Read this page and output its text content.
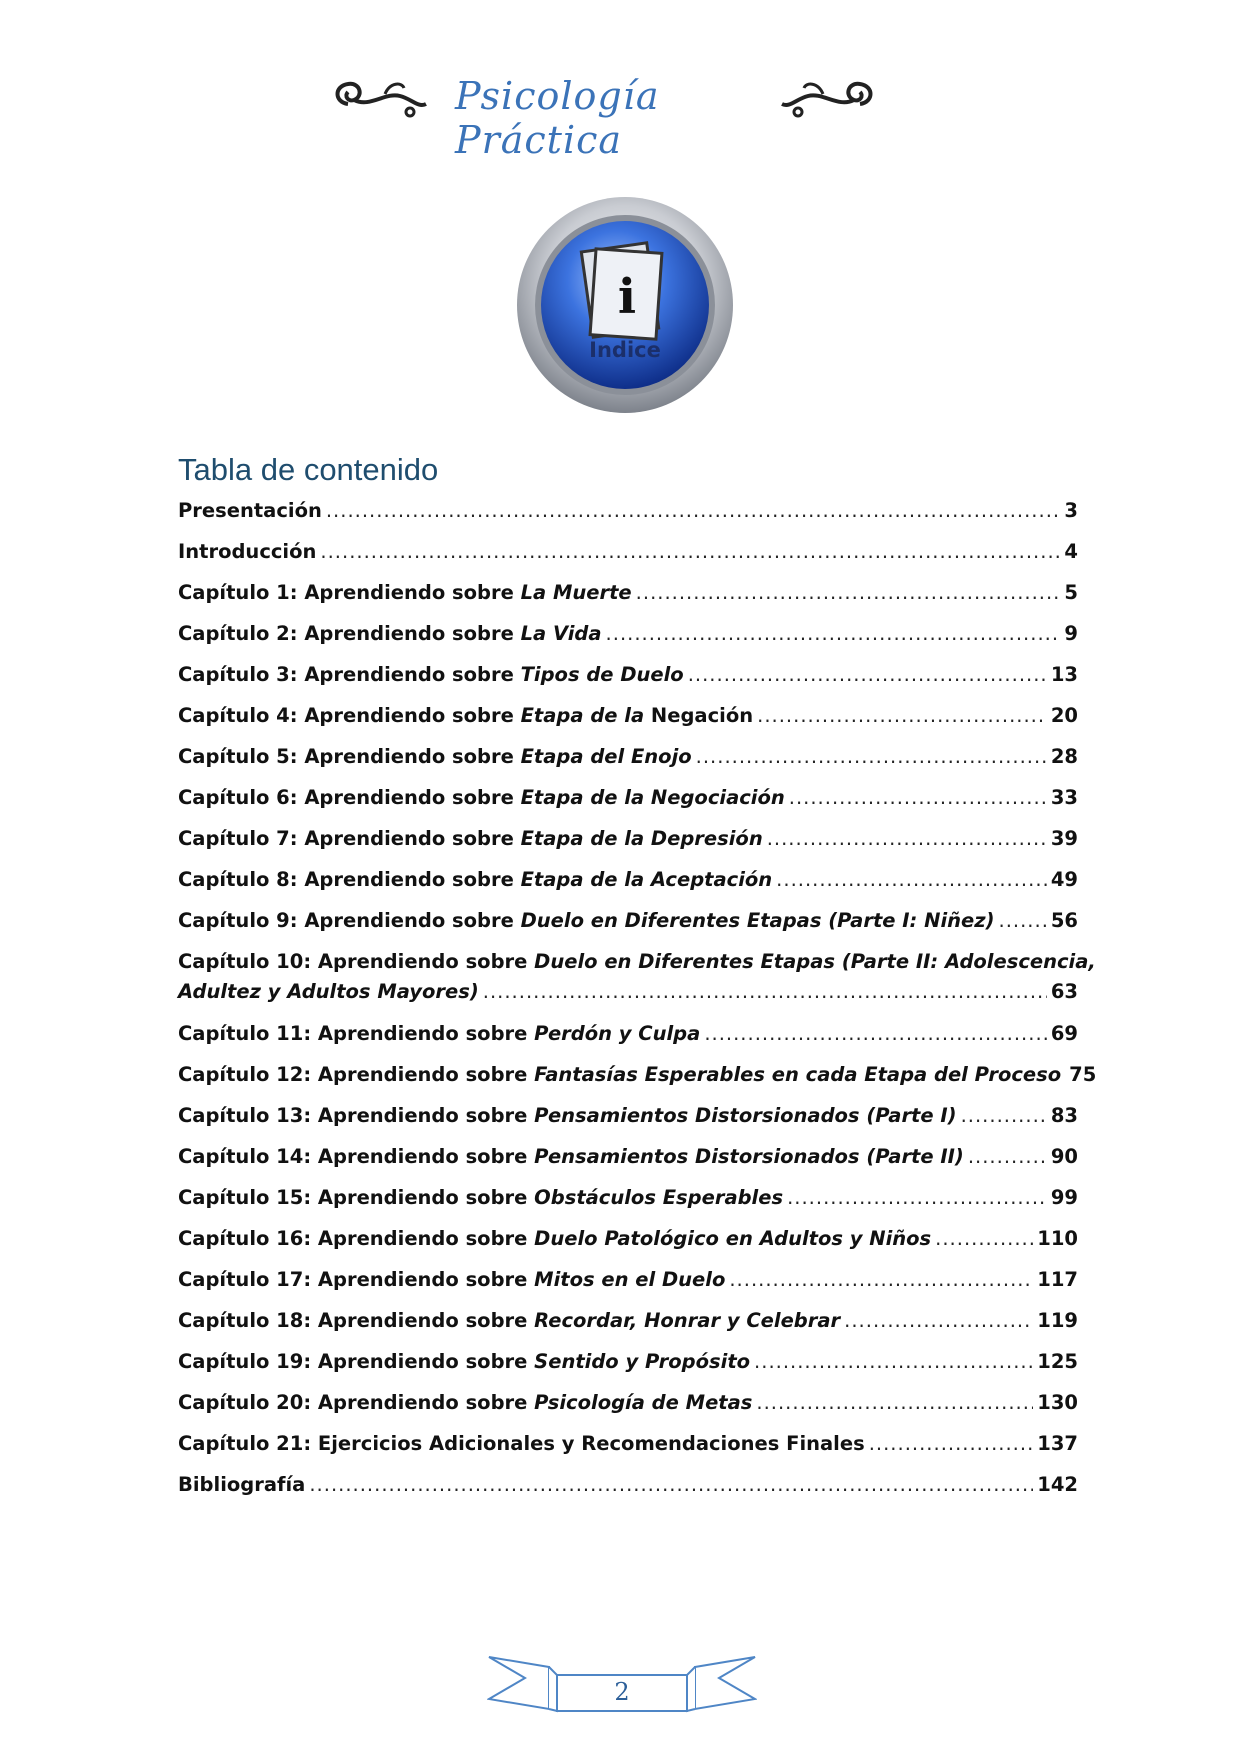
Psicología Práctica
i
Indice
Tabla de contenido
Presentación .....	3
Introducción .....	4
Capítulo 1: Aprendiendo sobre La Muerte .....	5
Capítulo 2: Aprendiendo sobre La Vida .....	9
Capítulo 3: Aprendiendo sobre Tipos de Duelo .....	13
Capítulo 4: Aprendiendo sobre Etapa de la Negación .....	20
Capítulo 5: Aprendiendo sobre Etapa del Enojo .....	28
Capítulo 6: Aprendiendo sobre Etapa de la Negociación .....	33
Capítulo 7: Aprendiendo sobre Etapa de la Depresión .....	39
Capítulo 8: Aprendiendo sobre Etapa de la Aceptación .....	49
Capítulo 9: Aprendiendo sobre Duelo en Diferentes Etapas (Parte I: Niñez) .....	56
Capítulo 10: Aprendiendo sobre Duelo en Diferentes Etapas (Parte II: Adolescencia,
Adultez y Adultos Mayores) .....	63
Capítulo 11: Aprendiendo sobre Perdón y Culpa .....	69
Capítulo 12: Aprendiendo sobre Fantasías Esperables en cada Etapa del Proceso 75
Capítulo 13: Aprendiendo sobre Pensamientos Distorsionados (Parte I) .....	83
Capítulo 14: Aprendiendo sobre Pensamientos Distorsionados (Parte II) .....	90
Capítulo 15: Aprendiendo sobre Obstáculos Esperables .....	99
Capítulo 16: Aprendiendo sobre Duelo Patológico en Adultos y Niños .....	110
Capítulo 17: Aprendiendo sobre Mitos en el Duelo .....	117
Capítulo 18: Aprendiendo sobre Recordar, Honrar y Celebrar .....	119
Capítulo 19: Aprendiendo sobre Sentido y Propósito .....	125
Capítulo 20: Aprendiendo sobre Psicología de Metas .....	130
Capítulo 21: Ejercicios Adicionales y Recomendaciones Finales .....	137
Bibliografía .....	142
2
